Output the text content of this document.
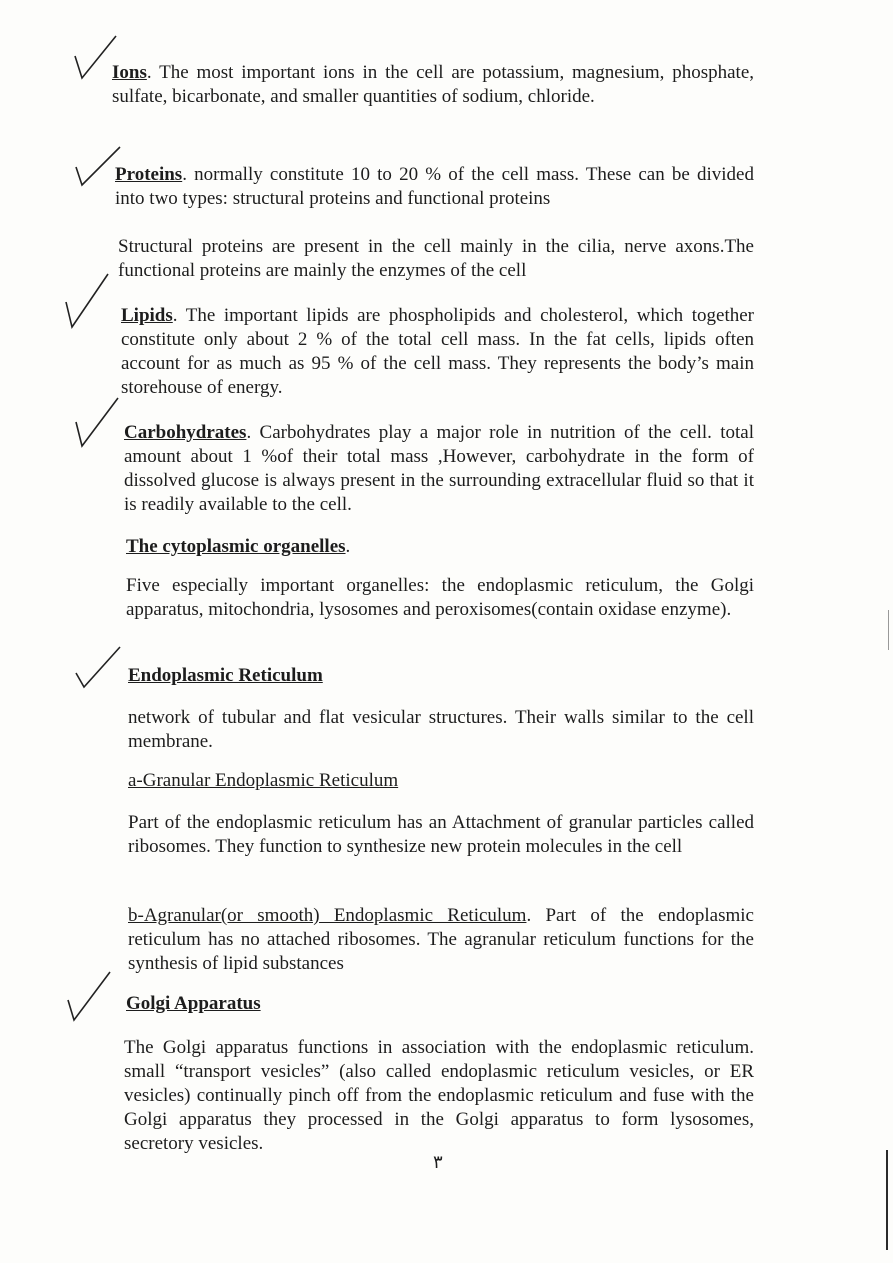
Ions. The most important ions in the cell are potassium, magnesium, phosphate, sulfate, bicarbonate, and smaller quantities of sodium, chloride.

Proteins. normally constitute 10 to 20 % of the cell mass. These can be divided into two types: structural proteins and functional proteins

Structural proteins are present in the cell mainly in the cilia, nerve axons.The functional proteins are mainly the enzymes of the cell

Lipids. The important lipids are phospholipids and cholesterol, which together constitute only about 2 % of the total cell mass. In the fat cells, lipids often account for as much as 95 % of the cell mass. They represents the body’s main storehouse of energy.

Carbohydrates. Carbohydrates play a major role in nutrition of the cell. total amount about 1 %of their total mass ,However, carbohydrate in the form of dissolved glucose is always present in the surrounding extracellular fluid so that it is readily available to the cell.

The cytoplasmic organelles.

Five especially important organelles: the endoplasmic reticulum, the Golgi apparatus, mitochondria, lysosomes and peroxisomes(contain oxidase enzyme).

Endoplasmic Reticulum

network of tubular and flat vesicular structures. Their walls similar to the cell membrane.

a-Granular Endoplasmic Reticulum

Part of the endoplasmic reticulum has an Attachment of granular particles called ribosomes. They function to synthesize new protein molecules in the cell

b-Agranular(or smooth) Endoplasmic Reticulum. Part of the endoplasmic reticulum has no attached ribosomes. The agranular reticulum functions for the synthesis of lipid substances

Golgi Apparatus

The Golgi apparatus functions in association with the endoplasmic reticulum. small “transport vesicles” (also called endoplasmic reticulum vesicles, or ER vesicles) continually pinch off from the endoplasmic reticulum and fuse with the Golgi apparatus they processed in the Golgi apparatus to form lysosomes, secretory vesicles.

٣
